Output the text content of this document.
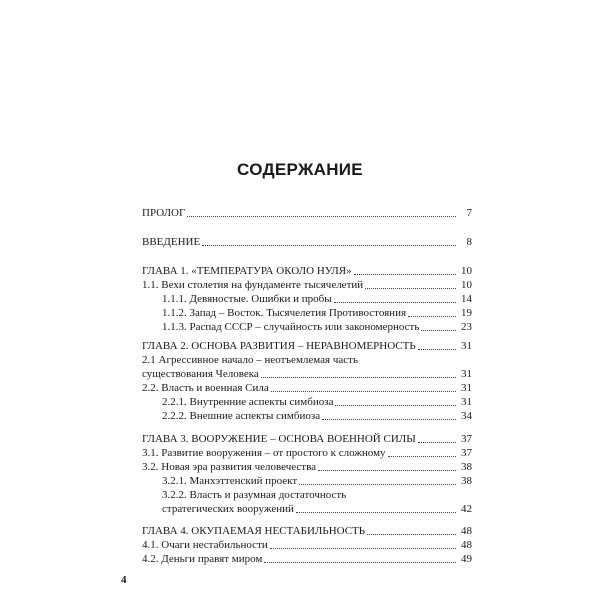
СОДЕРЖАНИЕ
ПРОЛОГ	7
ВВЕДЕНИЕ	8
ГЛАВА 1. «ТЕМПЕРАТУРА ОКОЛО НУЛЯ»	10
1.1. Вехи столетия на фундаменте тысячелетий	10
1.1.1. Девяностые. Ошибки и пробы	14
1.1.2. Запад – Восток. Тысячелетия Противостояния	19
1.1.3. Распад СССР – случайность или закономерность	23
ГЛАВА 2. ОСНОВА РАЗВИТИЯ – НЕРАВНОМЕРНОСТЬ	31
2.1 Агрессивное начало – неотъемлемая часть
существования Человека	31
2.2. Власть и военная Сила	31
2.2.1. Внутренние аспекты симбиоза	31
2.2.2. Внешние аспекты симбиоза	34
ГЛАВА 3. ВООРУЖЕНИЕ – ОСНОВА ВОЕННОЙ СИЛЫ	37
3.1. Развитие вооружения – от простого к сложному	37
3.2. Новая эра развития человечества	38
3.2.1. Манхэттенский проект	38
3.2.2. Власть и разумная достаточность
стратегических вооружений	42
ГЛАВА 4. ОКУПАЕМАЯ НЕСТАБИЛЬНОСТЬ	48
4.1. Очаги нестабильности	48
4.2. Деньги правят миром	49
4
